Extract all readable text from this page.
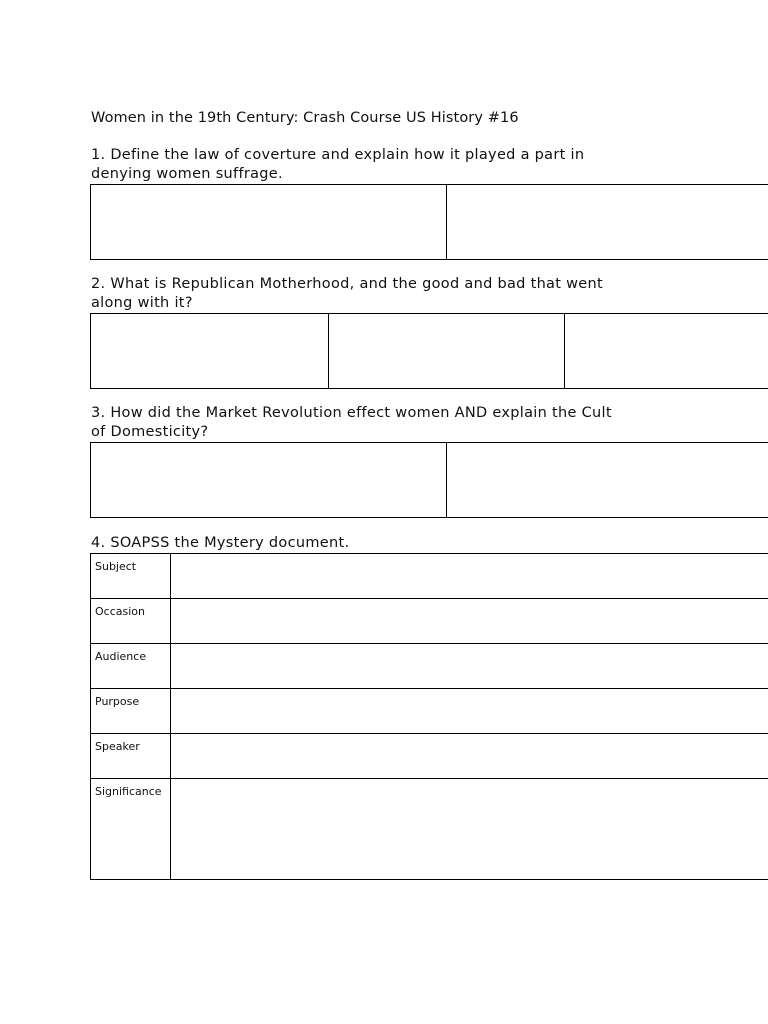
Women in the 19th Century: Crash Course US History #16
1. Define the law of coverture and explain how it played a part in
denying women suffrage.
2. What is Republican Motherhood, and the good and bad that went
along with it?
3. How did the Market Revolution effect women AND explain the Cult
of Domesticity?
4. SOAPSS the Mystery document.
Subject	
Occasion	
Audience	
Purpose	
Speaker	
Significance	
